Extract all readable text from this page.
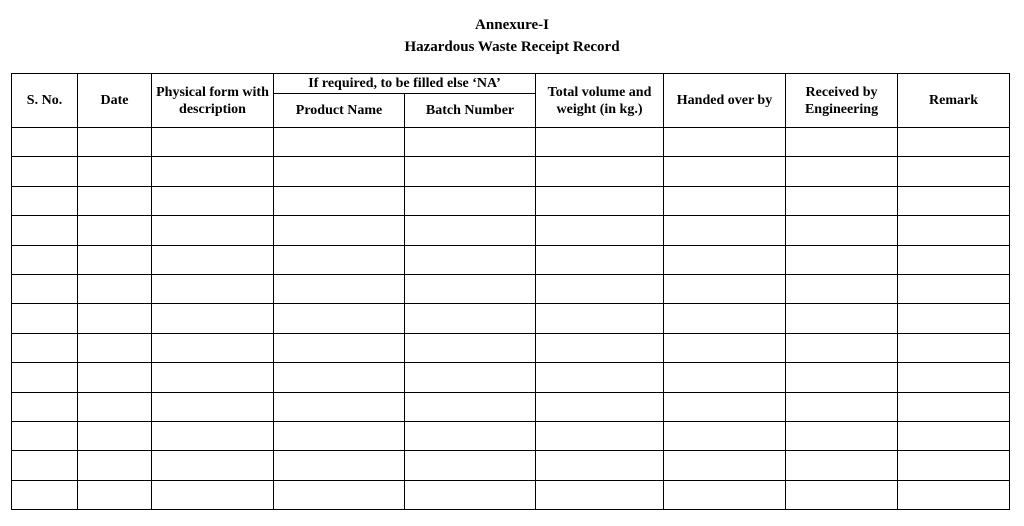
Annexure-I
Hazardous Waste Receipt Record
S. No.	Date	Physical form with description	If required, to be filled else ‘NA’		Total volume and weight (in kg.)	Handed over by	Received by Engineering	Remark
			Product Name	Batch Number				
